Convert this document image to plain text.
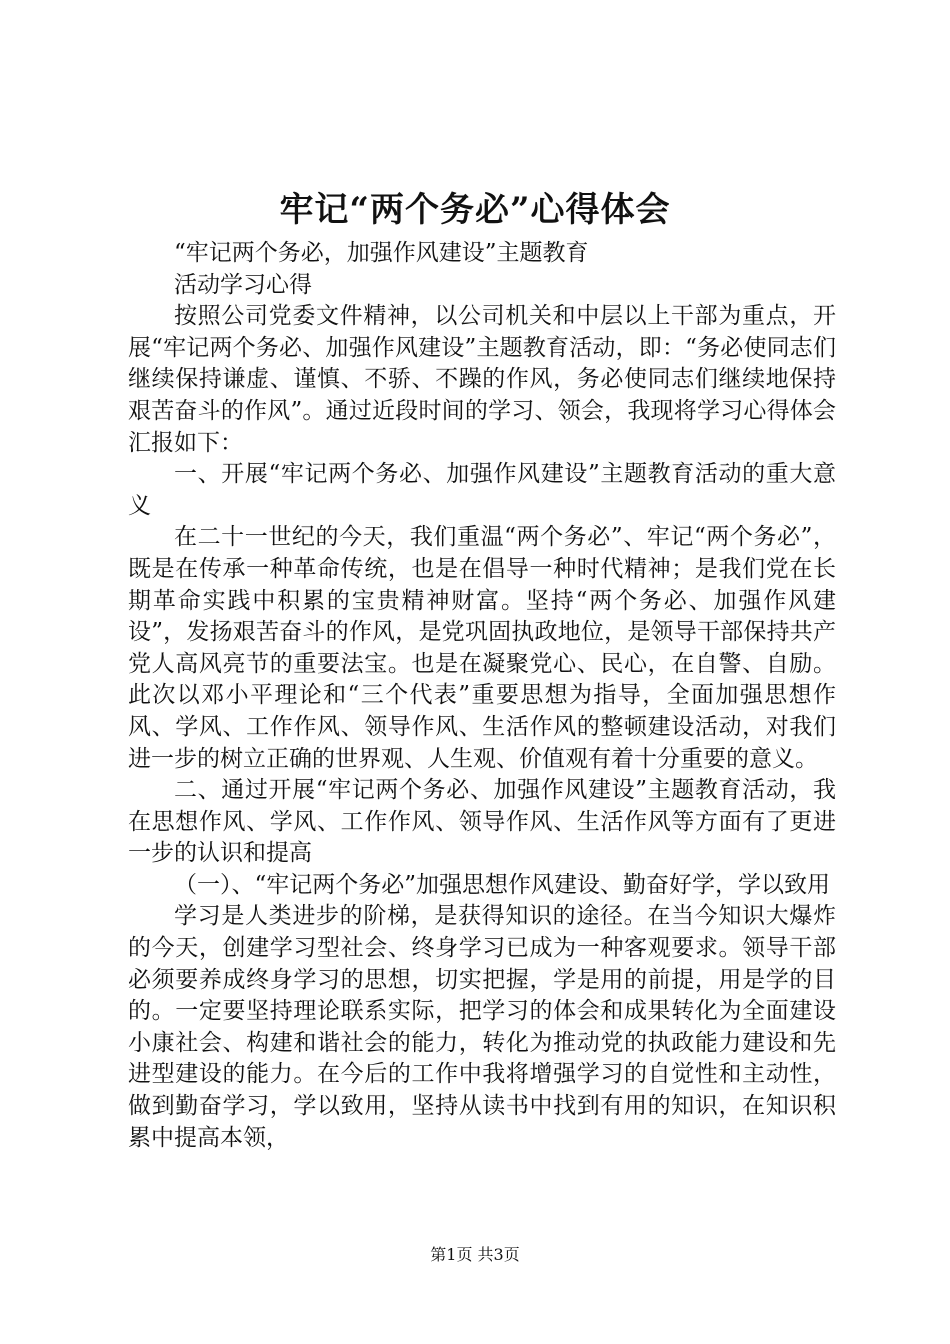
牢记“两个务必”心得体会

“牢记两个务必，加强作风建设”主题教育

活动学习心得

按照公司党委文件精神，以公司机关和中层以上干部为重点，开展“牢记两个务必、加强作风建设”主题教育活动，即：“务必使同志们继续保持谦虚、谨慎、不骄、不躁的作风，务必使同志们继续地保持艰苦奋斗的作风”。通过近段时间的学习、领会，我现将学习心得体会汇报如下：

一、开展“牢记两个务必、加强作风建设”主题教育活动的重大意义

在二十一世纪的今天，我们重温“两个务必”、牢记“两个务必”，既是在传承一种革命传统，也是在倡导一种时代精神；是我们党在长期革命实践中积累的宝贵精神财富。坚持“两个务必、加强作风建设”，发扬艰苦奋斗的作风，是党巩固执政地位，是领导干部保持共产党人高风亮节的重要法宝。也是在凝聚党心、民心，在自警、自励。此次以邓小平理论和“三个代表”重要思想为指导，全面加强思想作风、学风、工作作风、领导作风、生活作风的整顿建设活动，对我们进一步的树立正确的世界观、人生观、价值观有着十分重要的意义。

二、通过开展“牢记两个务必、加强作风建设”主题教育活动，我在思想作风、学风、工作作风、领导作风、生活作风等方面有了更进一步的认识和提高

（一）、“牢记两个务必”加强思想作风建设、勤奋好学，学以致用

学习是人类进步的阶梯，是获得知识的途径。在当今知识大爆炸的今天，创建学习型社会、终身学习已成为一种客观要求。领导干部必须要养成终身学习的思想，切实把握，学是用的前提，用是学的目的。一定要坚持理论联系实际，把学习的体会和成果转化为全面建设小康社会、构建和谐社会的能力，转化为推动党的执政能力建设和先进型建设的能力。在今后的工作中我将增强学习的自觉性和主动性，做到勤奋学习，学以致用，坚持从读书中找到有用的知识，在知识积累中提高本领，

第1页 共3页
